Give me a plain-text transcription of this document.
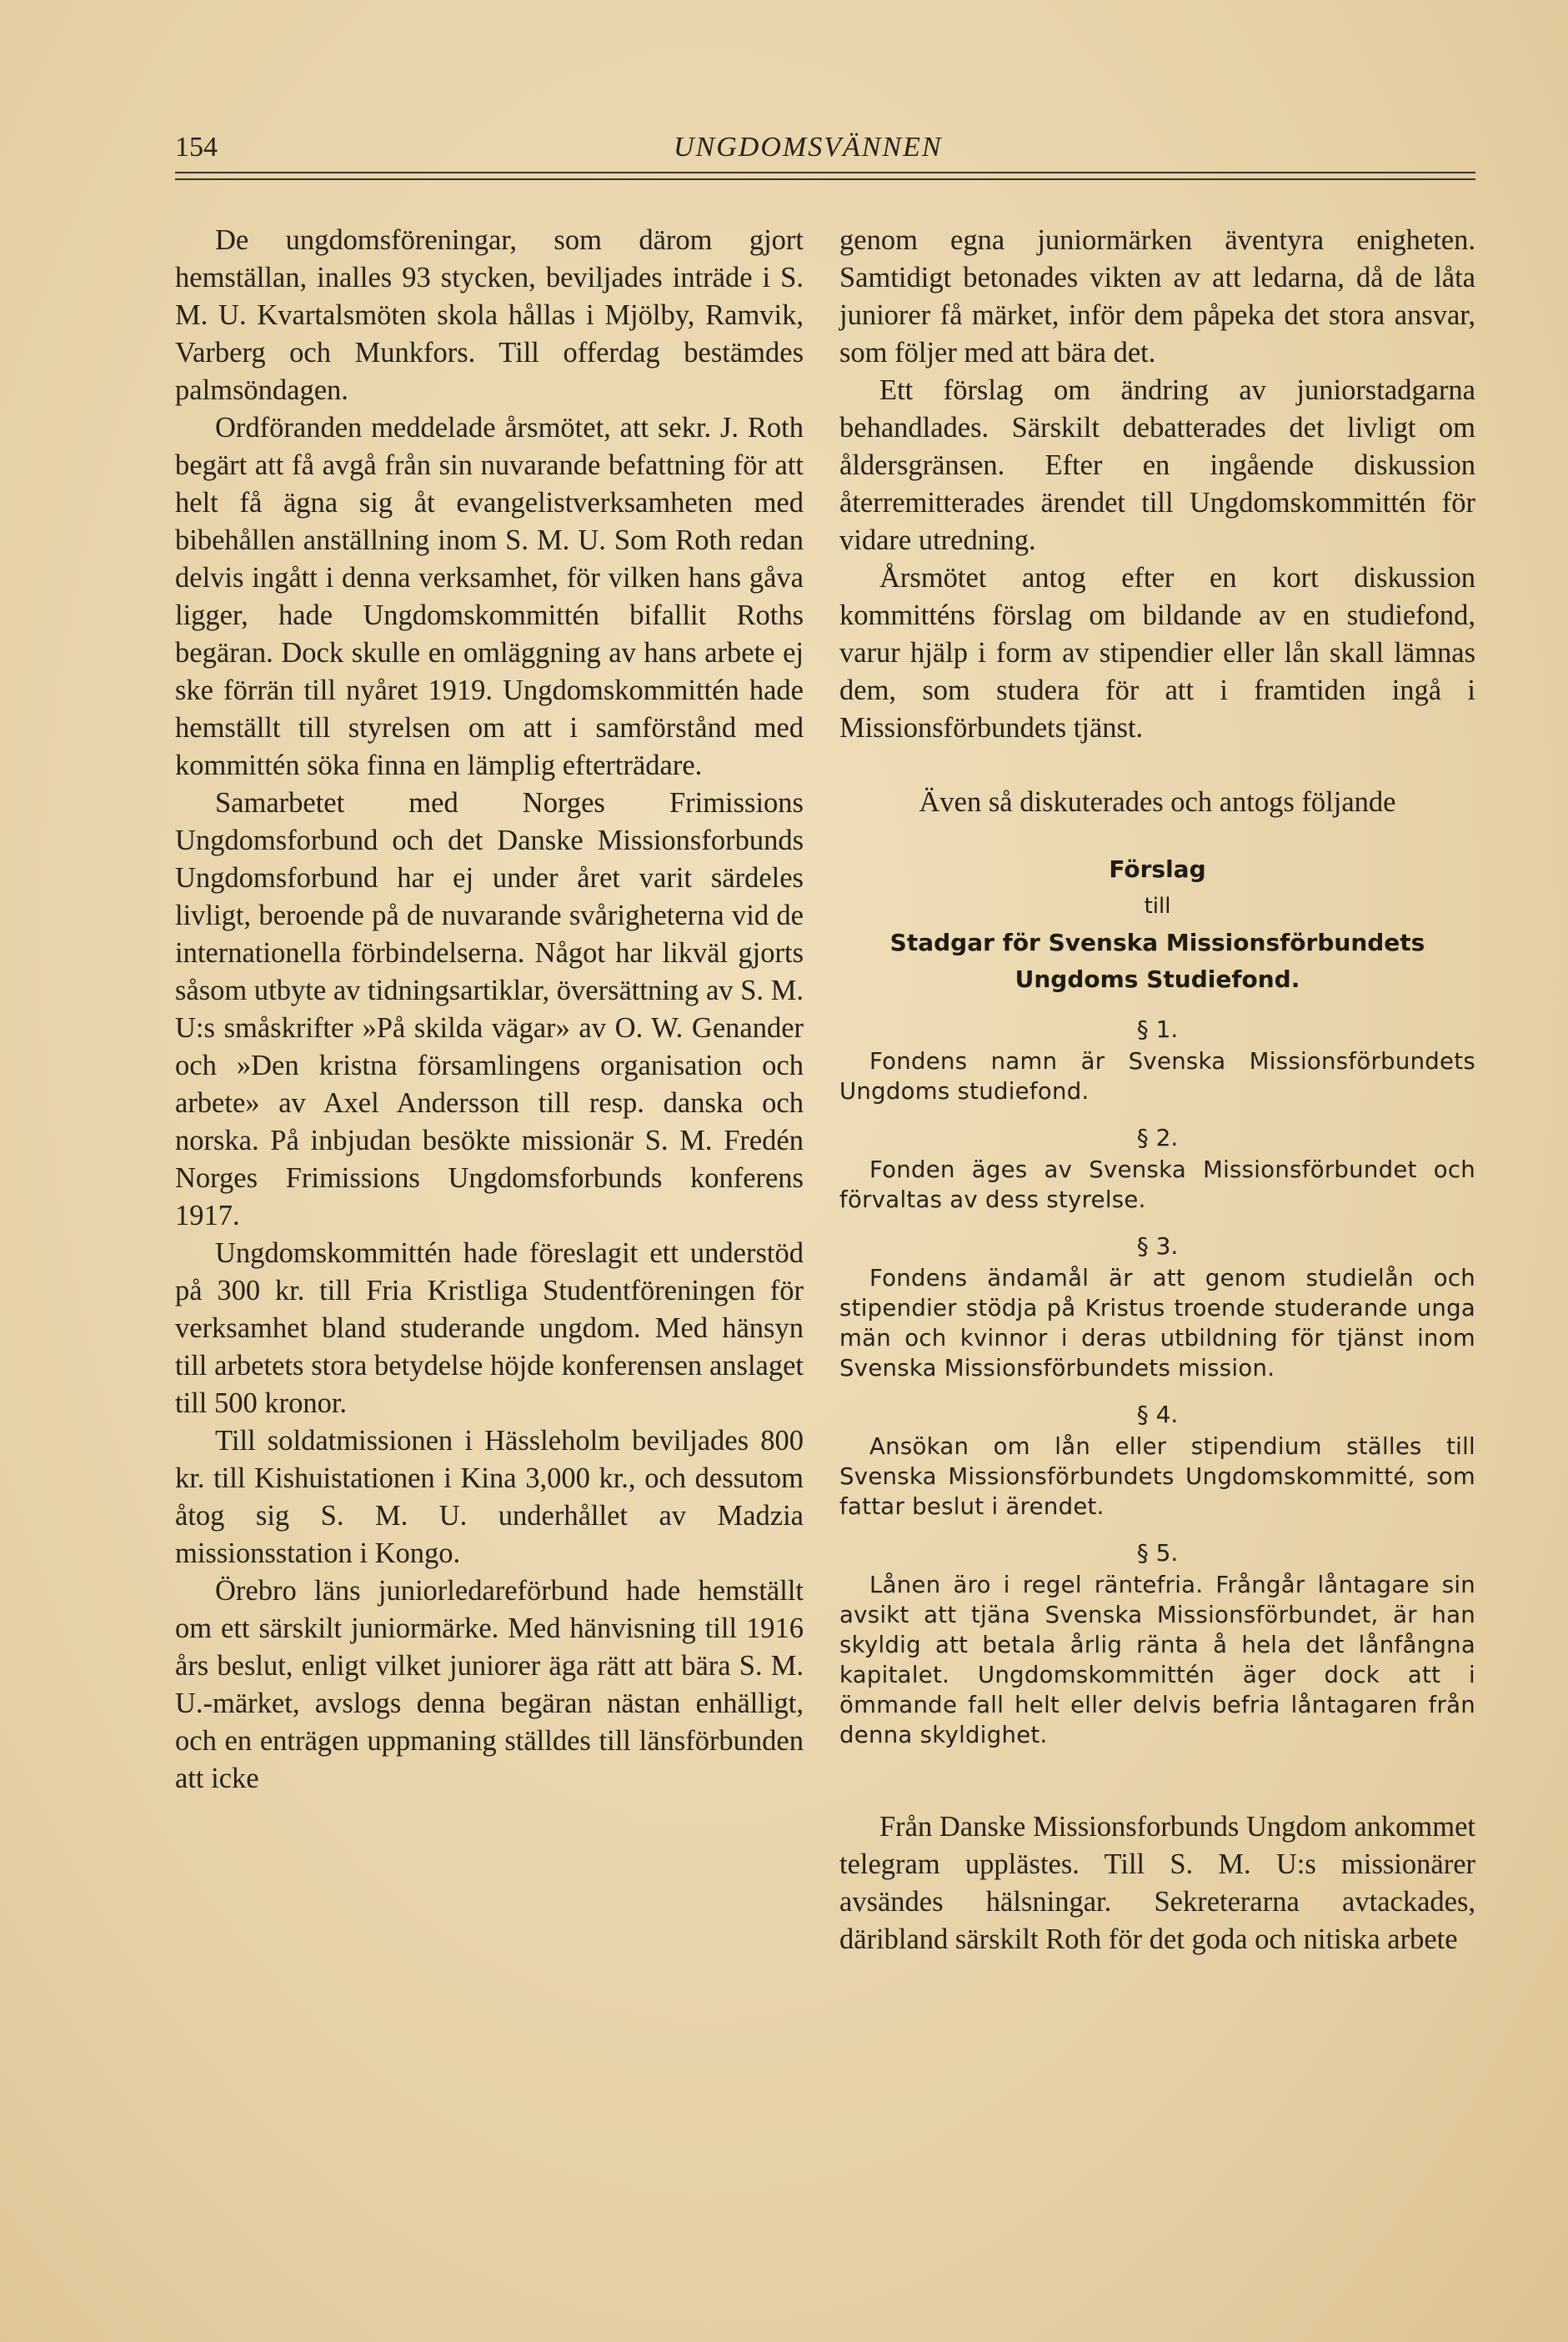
154	UNGDOMSVÄNNEN

De ungdomsföreningar, som därom gjort hemställan, inalles 93 stycken, beviljades inträde i S. M. U. Kvartalsmöten skola hållas i Mjölby, Ramvik, Varberg och Munkfors. Till offerdag bestämdes palmsöndagen.

Ordföranden meddelade årsmötet, att sekr. J. Roth begärt att få avgå från sin nuvarande befattning för att helt få ägna sig åt evangelistverksamheten med bibehållen anställning inom S. M. U. Som Roth redan delvis ingått i denna verksamhet, för vilken hans gåva ligger, hade Ungdomskommittén bifallit Roths begäran. Dock skulle en omläggning av hans arbete ej ske förrän till nyåret 1919. Ungdomskommittén hade hemställt till styrelsen om att i samförstånd med kommittén söka finna en lämplig efterträdare.

Samarbetet med Norges Frimissions Ungdomsforbund och det Danske Missionsforbunds Ungdomsforbund har ej under året varit särdeles livligt, beroende på de nuvarande svårigheterna vid de internationella förbindelserna. Något har likväl gjorts såsom utbyte av tidningsartiklar, översättning av S. M. U:s småskrifter »På skilda vägar» av O. W. Genander och »Den kristna församlingens organisation och arbete» av Axel Andersson till resp. danska och norska. På inbjudan besökte missionär S. M. Fredén Norges Frimissions Ungdomsforbunds konferens 1917.

Ungdomskommittén hade föreslagit ett understöd på 300 kr. till Fria Kristliga Studentföreningen för verksamhet bland studerande ungdom. Med hänsyn till arbetets stora betydelse höjde konferensen anslaget till 500 kronor.

Till soldatmissionen i Hässleholm beviljades 800 kr. till Kishuistationen i Kina 3,000 kr., och dessutom åtog sig S. M. U. underhållet av Madzia missionsstation i Kongo.

Örebro läns juniorledareförbund hade hemställt om ett särskilt juniormärke. Med hänvisning till 1916 års beslut, enligt vilket juniorer äga rätt att bära S. M. U.-märket, avslogs denna begäran nästan enhälligt, och en enträgen uppmaning ställdes till länsförbunden att icke

genom egna juniormärken äventyra enigheten. Samtidigt betonades vikten av att ledarna, då de låta juniorer få märket, inför dem påpeka det stora ansvar, som följer med att bära det.

Ett förslag om ändring av juniorstadgarna behandlades. Särskilt debatterades det livligt om åldersgränsen. Efter en ingående diskussion återremitterades ärendet till Ungdomskommittén för vidare utredning.

Årsmötet antog efter en kort diskussion kommitténs förslag om bildande av en studiefond, varur hjälp i form av stipendier eller lån skall lämnas dem, som studera för att i framtiden ingå i Missionsförbundets tjänst.

Även så diskuterades och antogs följande

Förslag
till
Stadgar för Svenska Missionsförbundets Ungdoms Studiefond.
§ 1.

Fondens namn är Svenska Missionsförbundets Ungdoms studiefond.

§ 2.

Fonden äges av Svenska Missionsförbundet och förvaltas av dess styrelse.

§ 3.

Fondens ändamål är att genom studielån och stipendier stödja på Kristus troende studerande unga män och kvinnor i deras utbildning för tjänst inom Svenska Missionsförbundets mission.

§ 4.

Ansökan om lån eller stipendium ställes till Svenska Missionsförbundets Ungdomskommitté, som fattar beslut i ärendet.

§ 5.

Lånen äro i regel räntefria. Frångår låntagare sin avsikt att tjäna Svenska Missionsförbundet, är han skyldig att betala årlig ränta å hela det lånfångna kapitalet. Ungdomskommittén äger dock att i ömmande fall helt eller delvis befria låntagaren från denna skyldighet.

Från Danske Missionsforbunds Ungdom ankommet telegram upplästes. Till S. M. U:s missionärer avsändes hälsningar. Sekreterarna avtackades, däribland särskilt Roth för det goda och nitiska arbete
